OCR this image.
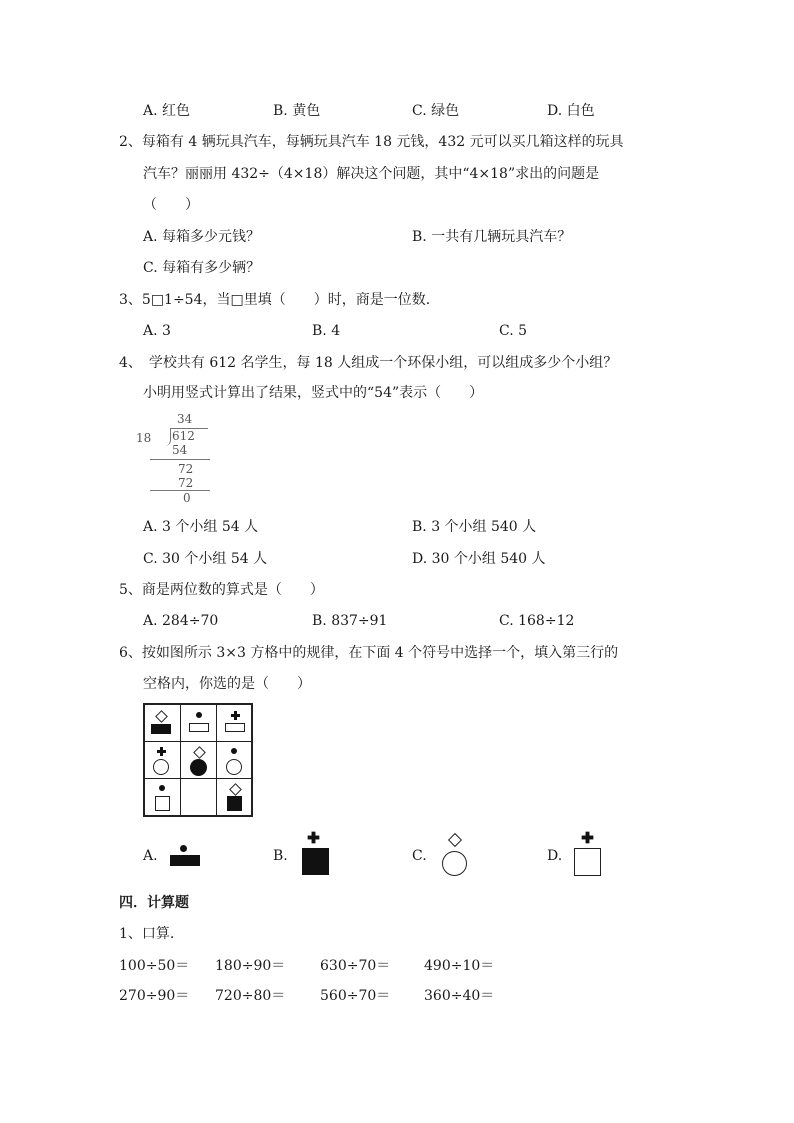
A. 红色	B. 黄色	C. 绿色	D. 白色
2、每箱有 4 辆玩具汽车，每辆玩具汽车 18 元钱，432 元可以买几箱这样的玩具
汽车？丽丽用 432÷（4×18）解决这个问题，其中“4×18”求出的问题是
（　　）
A. 每箱多少元钱？	B. 一共有几辆玩具汽车？
C. 每箱有多少辆？
3、5□1÷54，当□里填（　　）时，商是一位数.
A. 3	B. 4	C. 5
4、　学校共有 612 名学生，每 18 人组成一个环保小组，可以组成多少个小组？
小明用竖式计算出了结果，竖式中的“54”表示（　　）
34
18 612
54
72
72
0
A. 3 个小组 54 人	B. 3 个小组 540 人
C. 30 个小组 54 人	D. 30 个小组 540 人
5、商是两位数的算式是（　　）
A. 284÷70	B. 837÷91	C. 168÷12
6、按如图所示 3×3 方格中的规律，在下面 4 个符号中选择一个，填入第三行的
空格内，你选的是（　　）
A.	B.	C.	D.
四．计算题
1、口算.
100÷50＝ 180÷90＝ 630÷70＝ 490÷10＝
270÷90＝ 720÷80＝ 560÷70＝ 360÷40＝
